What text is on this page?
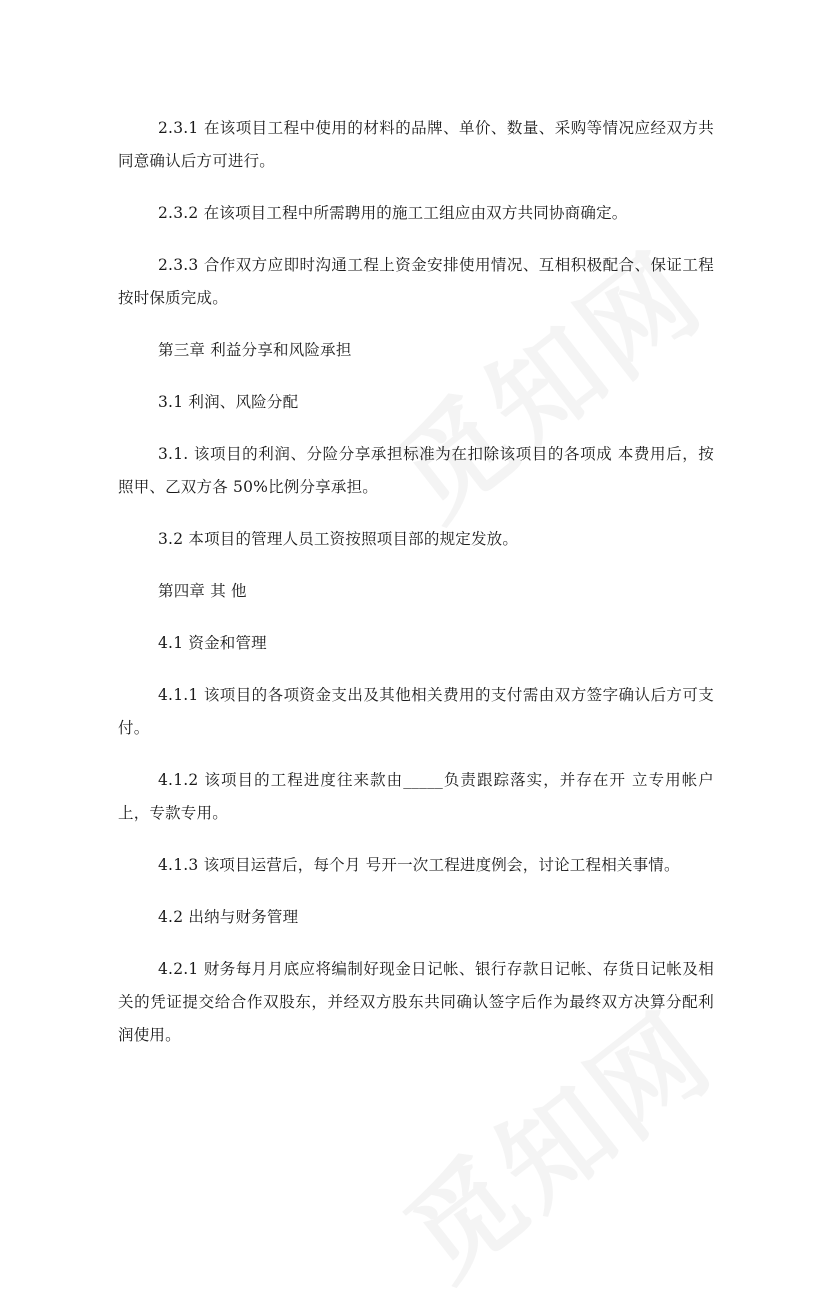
2.3.1 在该项目工程中使用的材料的品牌、单价、数量、采购等情况应经双方共同意确认后方可进行。

2.3.2 在该项目工程中所需聘用的施工工组应由双方共同协商确定。

2.3.3 合作双方应即时沟通工程上资金安排使用情况、互相积极配合、保证工程按时保质完成。

第三章 利益分享和风险承担

3.1 利润、风险分配

3.1. 该项目的利润、分险分享承担标准为在扣除该项目的各项成 本费用后，按照甲、乙双方各 50%比例分享承担。

3.2 本项目的管理人员工资按照项目部的规定发放。

第四章 其 他

4.1 资金和管理

4.1.1 该项目的各项资金支出及其他相关费用的支付需由双方签字确认后方可支付。

4.1.2 该项目的工程进度往来款由_____负责跟踪落实，并存在开 立专用帐户上，专款专用。

4.1.3 该项目运营后，每个月 号开一次工程进度例会，讨论工程相关事情。

4.2 出纳与财务管理

4.2.1 财务每月月底应将编制好现金日记帐、银行存款日记帐、存货日记帐及相关的凭证提交给合作双股东，并经双方股东共同确认签字后作为最终双方决算分配利润使用。
